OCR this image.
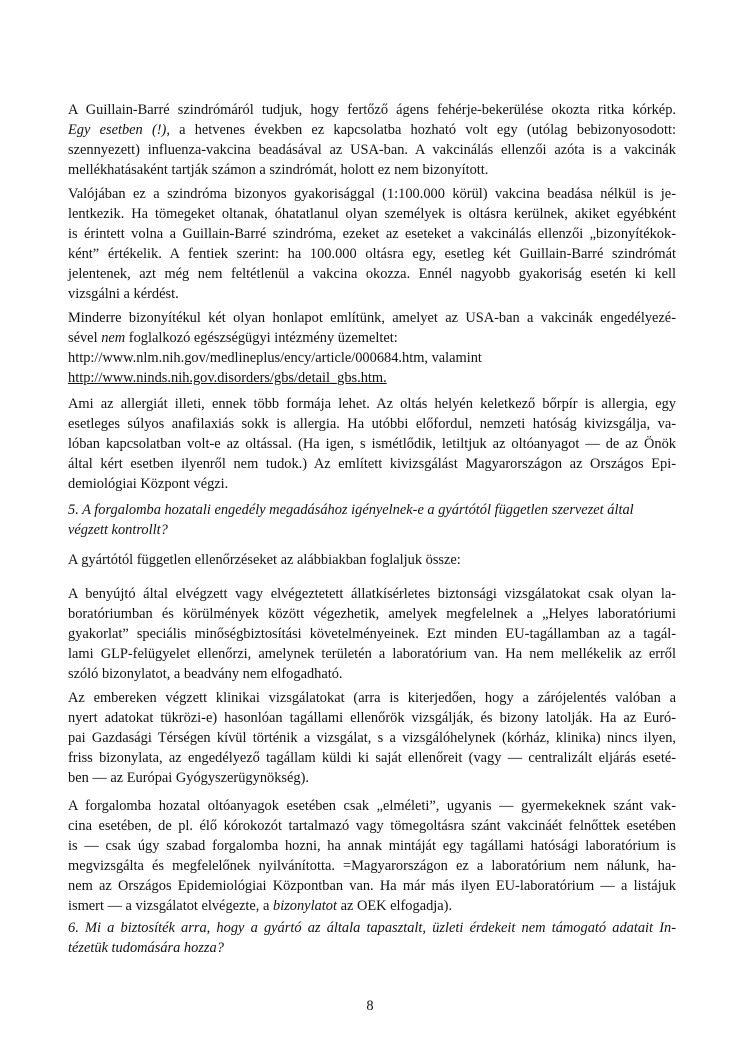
A Guillain-Barré szindrómáról tudjuk, hogy fertőző ágens fehérje-bekerülése okozta ritka kórkép.

Egy esetben (!), a hetvenes években ez kapcsolatba hozható volt egy (utólag bebizonyosodott:

szennyezett) influenza-vakcina beadásával az USA-ban. A vakcinálás ellenzői azóta is a vakcinák

mellékhatásaként tartják számon a szindrómát, holott ez nem bizonyított.

Valójában ez a szindróma bizonyos gyakorisággal (1:100.000 körül) vakcina beadása nélkül is je-

lentkezik. Ha tömegeket oltanak, óhatatlanul olyan személyek is oltásra kerülnek, akiket egyébként

is érintett volna a Guillain-Barré szindróma, ezeket az eseteket a vakcinálás ellenzői „bizonyítékok-

ként” értékelik. A fentiek szerint: ha 100.000 oltásra egy, esetleg két Guillain-Barré szindrómát

jelentenek, azt még nem feltétlenül a vakcina okozza. Ennél nagyobb gyakoriság esetén ki kell

vizsgálni a kérdést.

Minderre bizonyítékul két olyan honlapot említünk, amelyet az USA-ban a vakcinák engedélyezé-

sével nem foglalkozó egészségügyi intézmény üzemeltet:

http://www.nlm.nih.gov/medlineplus/ency/article/000684.htm, valamint

http://www.ninds.nih.gov.disorders/gbs/detail_gbs.htm.

Ami az allergiát illeti, ennek több formája lehet. Az oltás helyén keletkező bőrpír is allergia, egy

esetleges súlyos anafilaxiás sokk is allergia. Ha utóbbi előfordul, nemzeti hatóság kivizsgálja, va-

lóban kapcsolatban volt-e az oltással. (Ha igen, s ismétlődik, letiltjuk az oltóanyagot — de az Önök

által kért esetben ilyenről nem tudok.) Az említett kivizsgálást Magyarországon az Országos Epi-

demiológiai Központ végzi.

5. A forgalomba hozatali engedély megadásához igényelnek-e a gyártótól független szervezet által

végzett kontrollt?

A gyártótól független ellenőrzéseket az alábbiakban foglaljuk össze:

A benyújtó által elvégzett vagy elvégeztetett állatkísérletes biztonsági vizsgálatokat csak olyan la-

boratóriumban és körülmények között végezhetik, amelyek megfelelnek a „Helyes laboratóriumi

gyakorlat” speciális minőségbiztosítási követelményeinek. Ezt minden EU-tagállamban az a tagál-

lami GLP-felügyelet ellenőrzi, amelynek területén a laboratórium van. Ha nem mellékelik az erről

szóló bizonylatot, a beadvány nem elfogadható.

Az embereken végzett klinikai vizsgálatokat (arra is kiterjedően, hogy a zárójelentés valóban a

nyert adatokat tükrözi-e) hasonlóan tagállami ellenőrök vizsgálják, és bizony latolják. Ha az Euró-

pai Gazdasági Térségen kívül történik a vizsgálat, s a vizsgálóhelynek (kórház, klinika) nincs ilyen,

friss bizonylata, az engedélyező tagállam küldi ki saját ellenőreit (vagy — centralizált eljárás eseté-

ben — az Európai Gyógyszerügynökség).

A forgalomba hozatal oltóanyagok esetében csak „elméleti”, ugyanis — gyermekeknek szánt vak-

cina esetében, de pl. élő kórokozót tartalmazó vagy tömegoltásra szánt vakcináét felnőttek esetében

is — csak úgy szabad forgalomba hozni, ha annak mintáját egy tagállami hatósági laboratórium is

megvizsgálta és megfelelőnek nyilvánította. =Magyarországon ez a laboratórium nem nálunk, ha-

nem az Országos Epidemiológiai Központban van. Ha már más ilyen EU-laboratórium — a listájuk

ismert — a vizsgálatot elvégezte, a bizonylatot az OEK elfogadja).

6. Mi a biztosíték arra, hogy a gyártó az általa tapasztalt, üzleti érdekeit nem támogató adatait In-

tézetük tudomására hozza?

8
